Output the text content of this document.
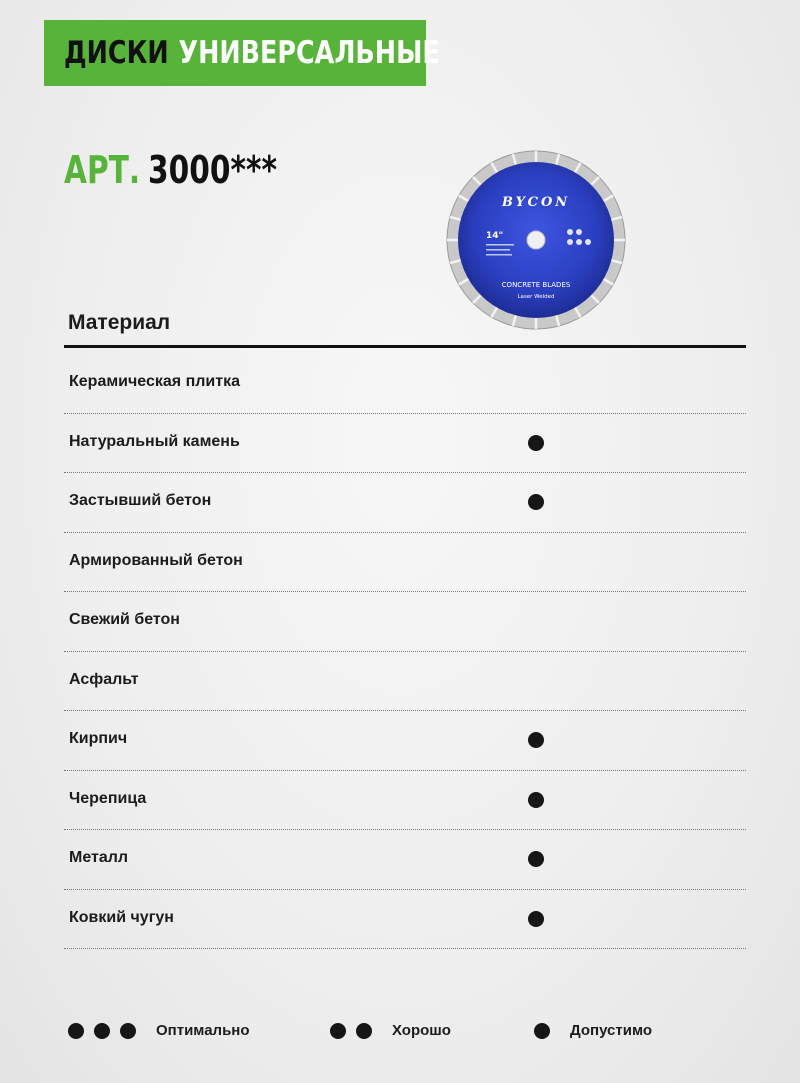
ДИСКИ УНИВЕРСАЛЬНЫЕ
АРТ. 3000***
BYCON
14"
CONCRETE BLADES
Laser Welded
Материал
Керамическая плитка
Натуральный камень
Застывший бетон
Армированный бетон
Свежий бетон
Асфальт
Кирпич
Черепица
Металл
Ковкий чугун
Оптимально	Хорошо	Допустимо
